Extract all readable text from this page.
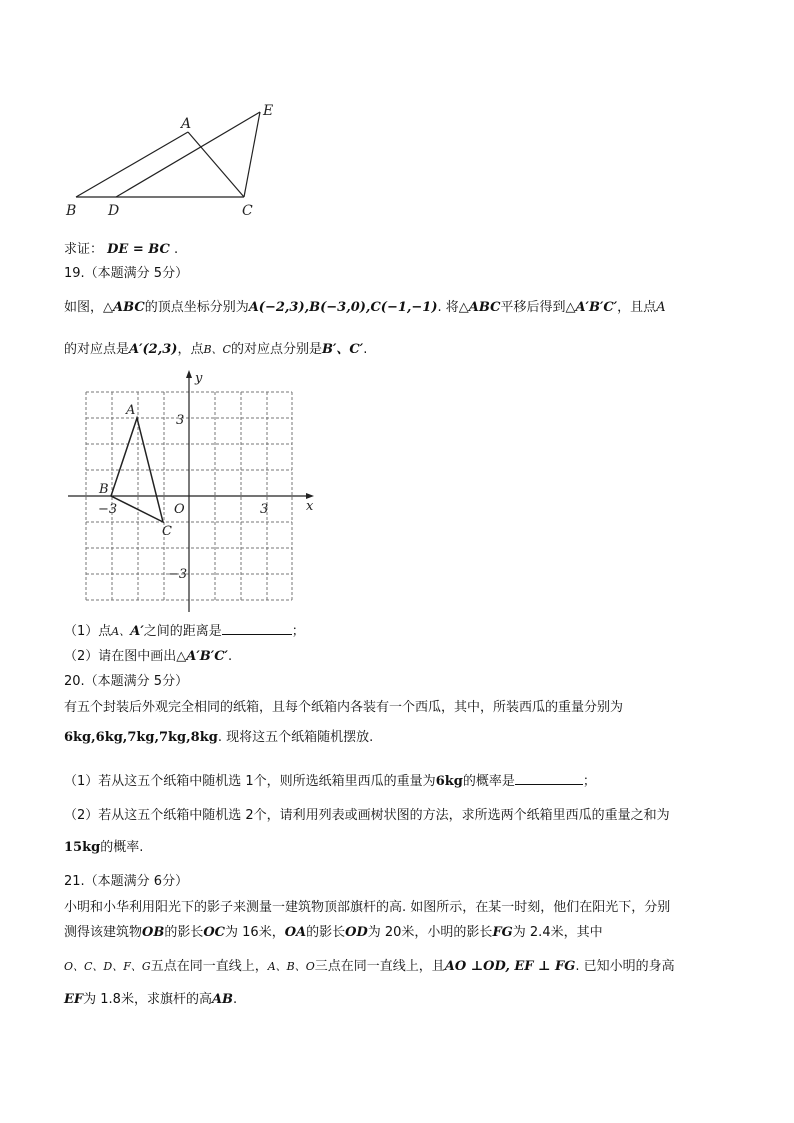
A
E
B D	C
求证： DE = BC .
19.（本题满分 5分）
如图，△ABC的顶点坐标分别为A(−2,3),B(−3,0),C(−1,−1). 将△ABC平移后得到△A′B′C′，且点A
的对应点是A′(2,3)，点B、C的对应点分别是B′、C′.
x
y
O
−3	3
3
−3
A
B
C
（1）点A、A′之间的距离是	；
（2）请在图中画出△A′B′C′.
20.（本题满分 5分）
有五个封装后外观完全相同的纸箱，且每个纸箱内各装有一个西瓜，其中，所装西瓜的重量分别为
6kg,6kg,7kg,7kg,8kg. 现将这五个纸箱随机摆放.
（1）若从这五个纸箱中随机选 1个，则所选纸箱里西瓜的重量为6kg的概率是	；
（2）若从这五个纸箱中随机选 2个，请利用列表或画树状图的方法，求所选两个纸箱里西瓜的重量之和为
15kg的概率.
21.（本题满分 6分）
小明和小华利用阳光下的影子来测量一建筑物顶部旗杆的高. 如图所示，在某一时刻，他们在阳光下，分别
测得该建筑物OB的影长OC为 16米，OA的影长OD为 20米，小明的影长FG为 2.4米，其中
O、C、D、F、G五点在同一直线上，A、B、O三点在同一直线上，且AO ⊥OD, EF ⊥ FG. 已知小明的身高
EF为 1.8米，求旗杆的高AB.
